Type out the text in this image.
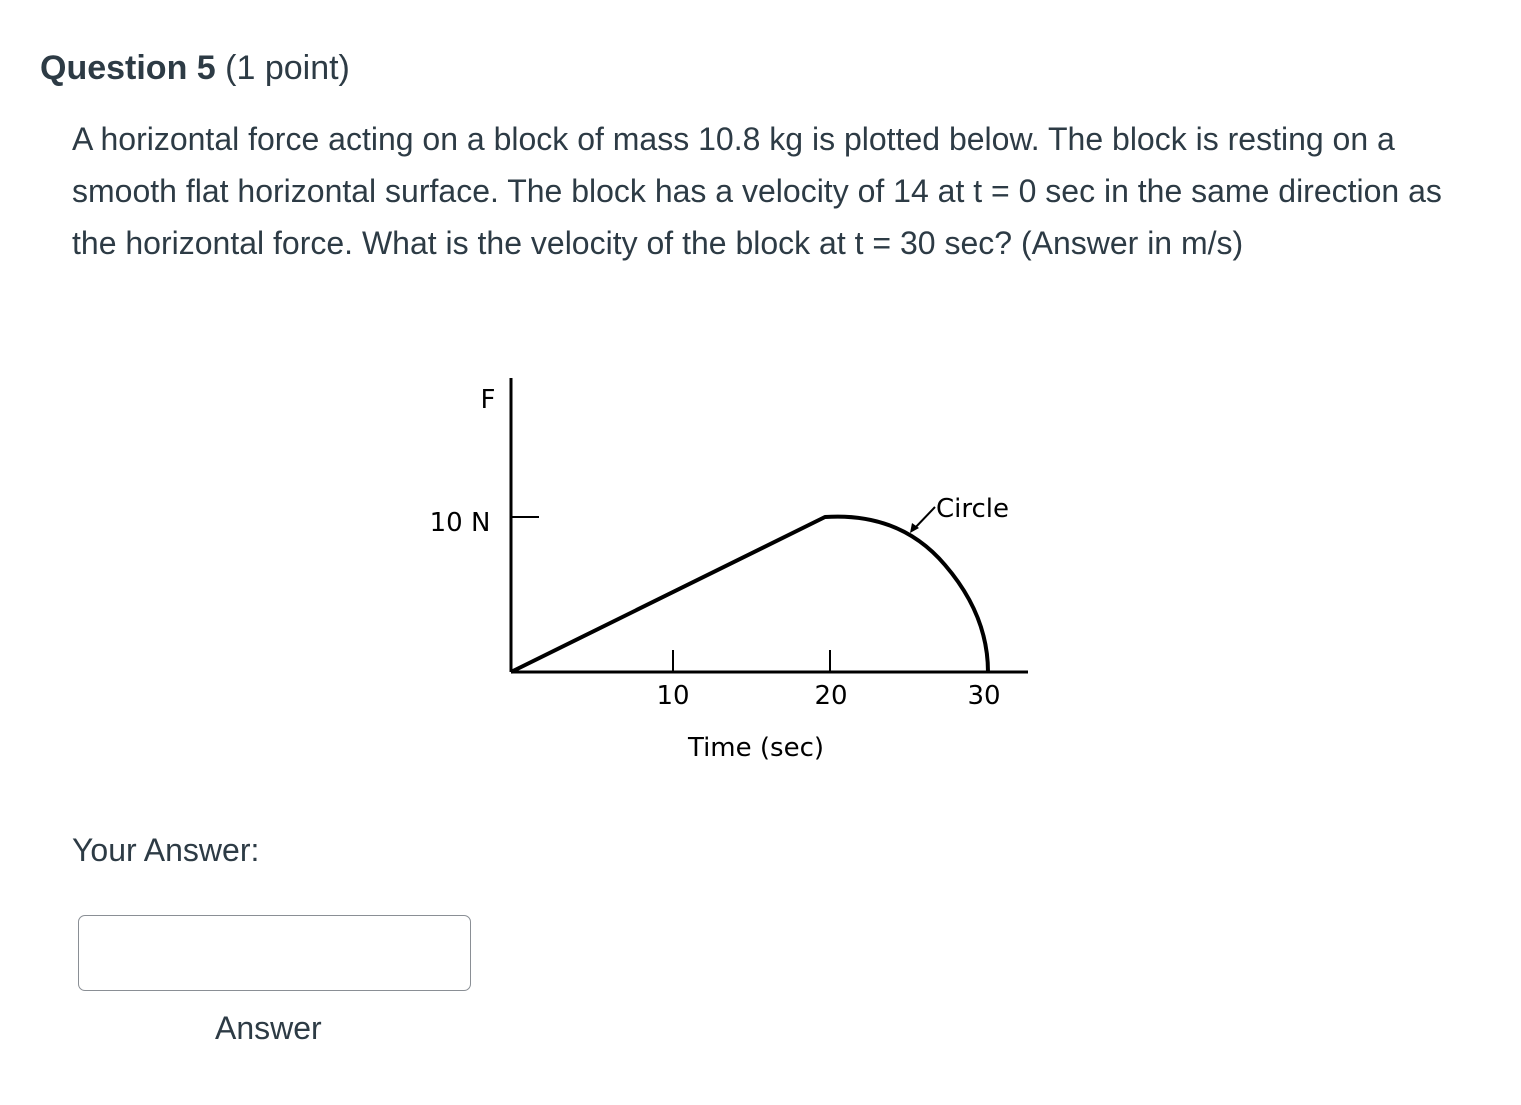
Question 5 (1 point)
A horizontal force acting on a block of mass 10.8 kg is plotted below. The block is resting on a smooth flat horizontal surface. The block has a velocity of 14 at t = 0 sec in the same direction as the horizontal force. What is the velocity of the block at t = 30 sec? (Answer in m/s)
F
10 N	Circle
10	20	30
Time (sec)
Your Answer:
Answer
